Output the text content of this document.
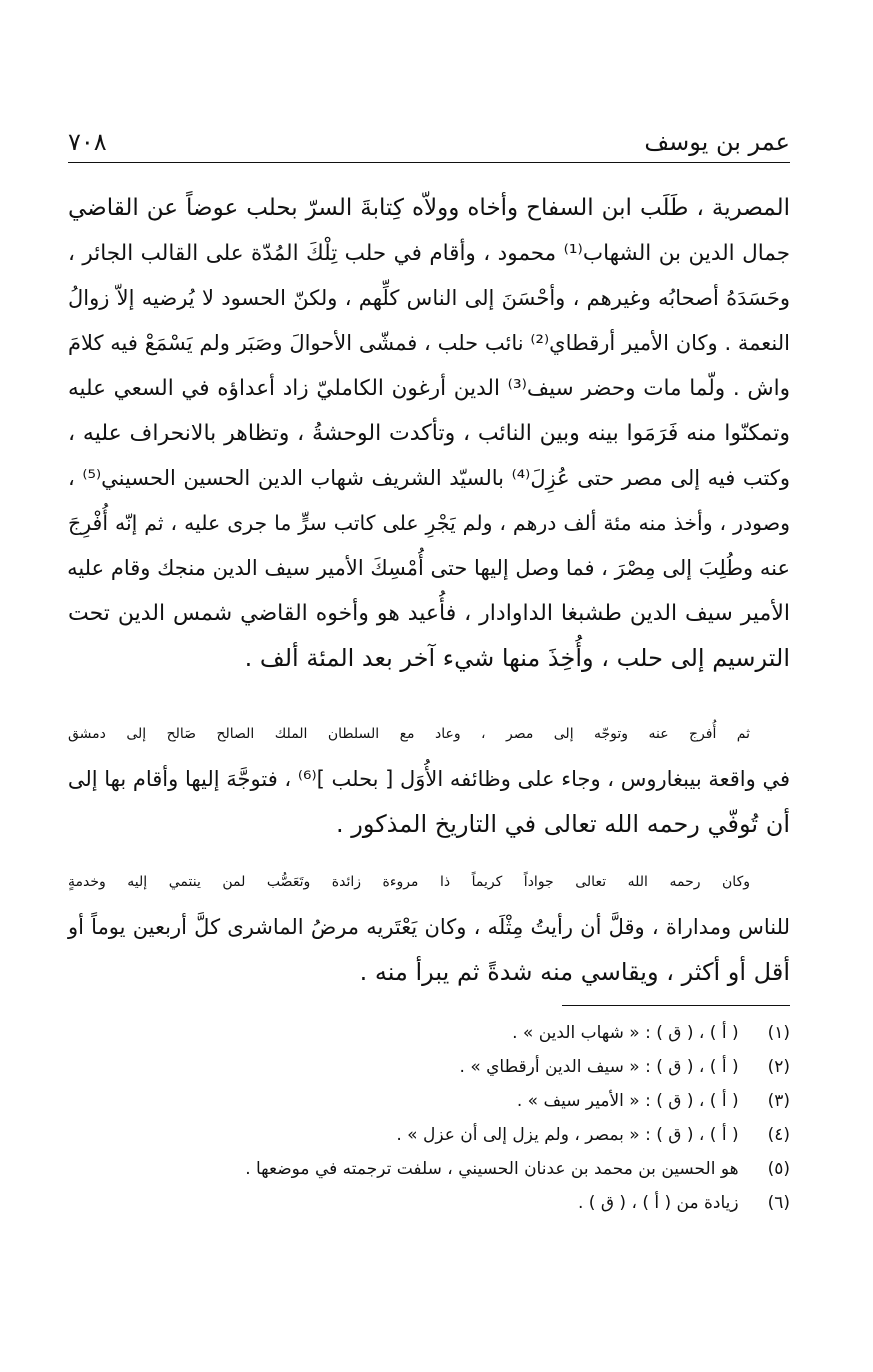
عمر بن يوسف
٧٠٨
المصرية ، طَلَب ابن السفاح وأخاه وولاّه كِتابةَ السرّ بحلب عوضاً عن القاضي
جمال الدين بن الشهاب⁽¹⁾ محمود ، وأقام في حلب تِلْكَ المُدّة على القالب الجائر ،
وحَسَدَهُ أصحابُه وغيرهم ، وأحْسَنَ إلى الناس كلِّهم ، ولكنّ الحسود لا يُرضيه إلاّ زوالُ
النعمة . وكان الأمير أرقطاي⁽²⁾ نائب حلب ، فمشّى الأحوالَ وصَبَر ولم يَسْمَعْ فيه كلامَ
واش . ولّما مات وحضر سيف⁽³⁾ الدين أرغون الكامليّ زاد أعداؤه في السعي عليه
وتمكنّوا منه فَرَمَوا بينه وبين النائب ، وتأكدت الوحشةُ ، وتظاهر بالانحراف عليه ،
وكتب فيه إلى مصر حتى عُزِلَ⁽⁴⁾ بالسيّد الشريف شهاب الدين الحسين الحسيني⁽⁵⁾ ،
وصودر ، وأخذ منه مئة ألف درهم ، ولم يَجْرِ على كاتب سرٍّ ما جرى عليه ، ثم إنّه أُفْرِجَ
عنه وطُلِبَ إلى مِصْرَ ، فما وصل إليها حتى أُمْسِكَ الأمير سيف الدين منجك وقام عليه
الأمير سيف الدين طشبغا الداوادار ، فأُعيد هو وأخوه القاضي شمس الدين تحت
الترسيم إلى حلب ، وأُخِذَ منها شيء آخر بعد المئة ألف .
ثم أُفرج عنه وتوجّه إلى مصر ، وعاد مع السلطان الملك الصالح صَالح إلى دمشق
في واقعة بيبغاروس ، وجاء على وظائفه الأُوَل [ بحلب ]⁽⁶⁾ ، فتوجَّهَ إليها وأقام بها إلى
أن تُوفّي رحمه الله تعالى في التاريخ المذكور .
وكان رحمه الله تعالى جواداً كريماً ذا مروءة زائدة وتَعَصُّب لمن ينتمي إليه وخدمةٍ
للناس ومداراة ، وقلَّ أن رأيتُ مِثْلَه ، وكان يَعْتَريه مرضُ الماشرى كلَّ أربعين يوماً أو
أقل أو أكثر ، ويقاسي منه شدةً ثم يبرأ منه .
(١) ( أ ) ، ( ق ) : « شهاب الدين » .
(٢) ( أ ) ، ( ق ) : « سيف الدين أرقطاي » .
(٣) ( أ ) ، ( ق ) : « الأمير سيف » .
(٤) ( أ ) ، ( ق ) : « بمصر ، ولم يزل إلى أن عزل » .
(٥) هو الحسين بن محمد بن عدنان الحسيني ، سلفت ترجمته في موضعها .
(٦) زيادة من ( أ ) ، ( ق ) .
